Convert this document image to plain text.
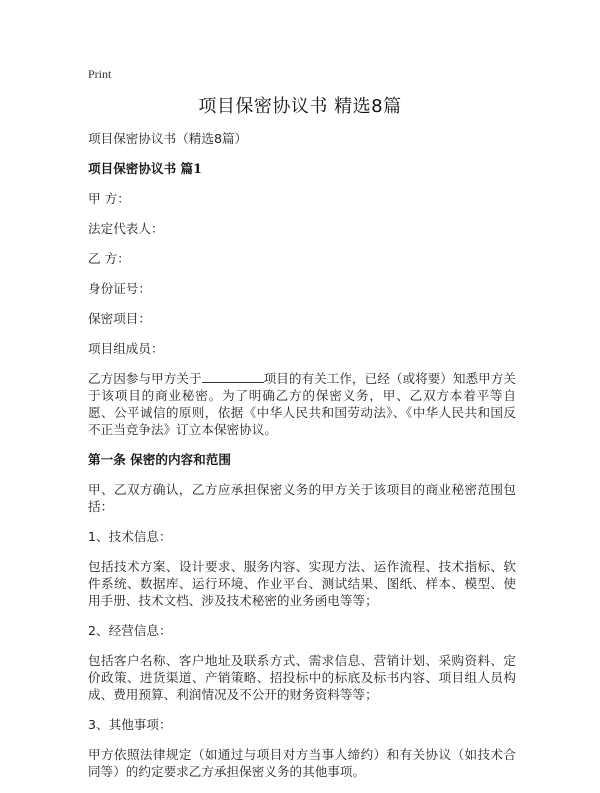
Print
项目保密协议书 精选8篇

项目保密协议书（精选8篇）

项目保密协议书 篇1

甲 方：

法定代表人：

乙 方：

身份证号：

保密项目：

项目组成员：

乙方因参与甲方关于	项目的有关工作，已经（或将要）知悉甲方关于该项目的商业秘密。为了明确乙方的保密义务，甲、乙双方本着平等自愿、公平诚信的原则，依据《中华人民共和国劳动法》、《中华人民共和国反不正当竞争法》订立本保密协议。

第一条 保密的内容和范围

甲、乙双方确认，乙方应承担保密义务的甲方关于该项目的商业秘密范围包括：

1、技术信息：

包括技术方案、设计要求、服务内容、实现方法、运作流程、技术指标、软件系统、数据库、运行环境、作业平台、测试结果、图纸、样本、模型、使用手册、技术文档、涉及技术秘密的业务函电等等；

2、经营信息：

包括客户名称、客户地址及联系方式、需求信息、营销计划、采购资料、定价政策、进货渠道、产销策略、招投标中的标底及标书内容、项目组人员构成、费用预算、利润情况及不公开的财务资料等等；

3、其他事项：

甲方依照法律规定（如通过与项目对方当事人缔约）和有关协议（如技术合同等）的约定要求乙方承担保密义务的其他事项。
